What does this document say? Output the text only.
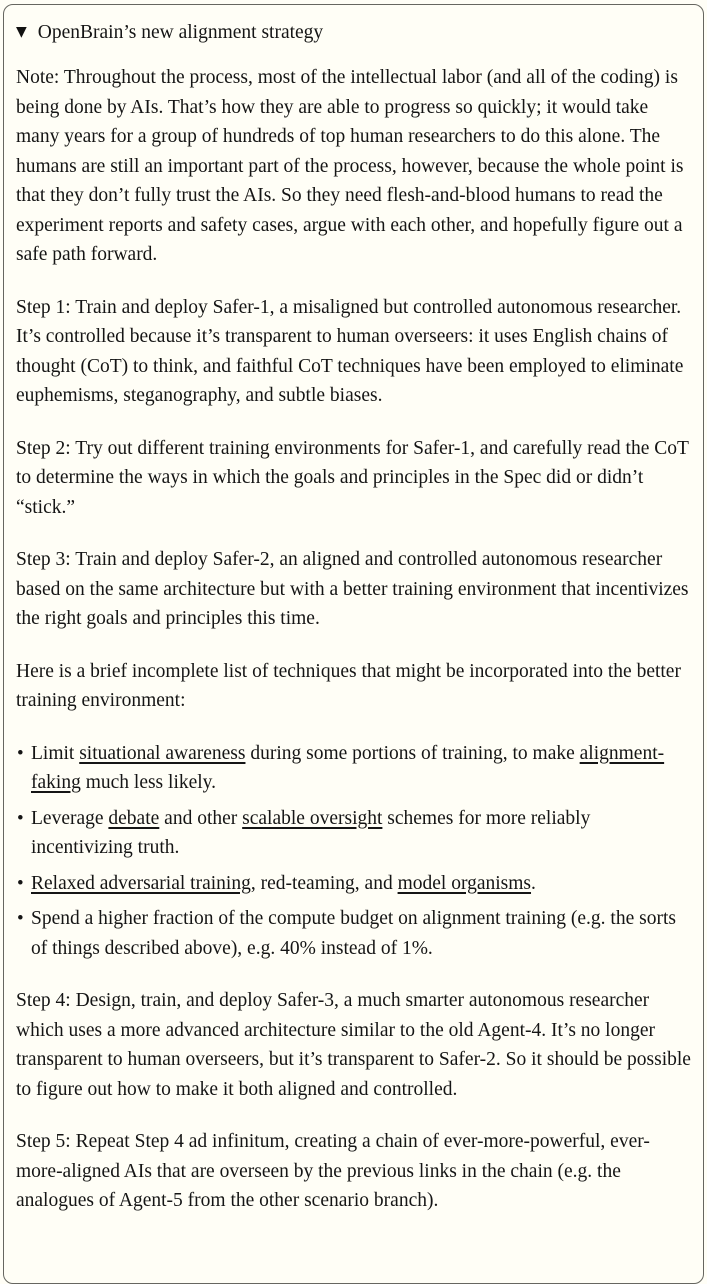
▼ OpenBrain’s new alignment strategy

Note: Throughout the process, most of the intellectual labor (and all of the coding) is being done by AIs. That’s how they are able to progress so quickly; it would take many years for a group of hundreds of top human researchers to do this alone. The humans are still an important part of the process, however, because the whole point is that they don’t fully trust the AIs. So they need flesh-and-blood humans to read the experiment reports and safety cases, argue with each other, and hopefully figure out a safe path forward.

Step 1: Train and deploy Safer-1, a misaligned but controlled autonomous researcher. It’s controlled because it’s transparent to human overseers: it uses English chains of thought (CoT) to think, and faithful CoT techniques have been employed to eliminate euphemisms, steganography, and subtle biases.

Step 2: Try out different training environments for Safer-1, and carefully read the CoT to determine the ways in which the goals and principles in the Spec did or didn’t “stick.”

Step 3: Train and deploy Safer-2, an aligned and controlled autonomous researcher based on the same architecture but with a better training environment that incentivizes the right goals and principles this time.

Here is a brief incomplete list of techniques that might be incorporated into the better training environment:

• Limit situational awareness during some portions of training, to make alignment-faking much less likely.
• Leverage debate and other scalable oversight schemes for more reliably incentivizing truth.
• Relaxed adversarial training, red-teaming, and model organisms.
• Spend a higher fraction of the compute budget on alignment training (e.g. the sorts of things described above), e.g. 40% instead of 1%.

Step 4: Design, train, and deploy Safer-3, a much smarter autonomous researcher which uses a more advanced architecture similar to the old Agent-4. It’s no longer transparent to human overseers, but it’s transparent to Safer-2. So it should be possible to figure out how to make it both aligned and controlled.

Step 5: Repeat Step 4 ad infinitum, creating a chain of ever-more-powerful, ever-more-aligned AIs that are overseen by the previous links in the chain (e.g. the analogues of Agent-5 from the other scenario branch).
